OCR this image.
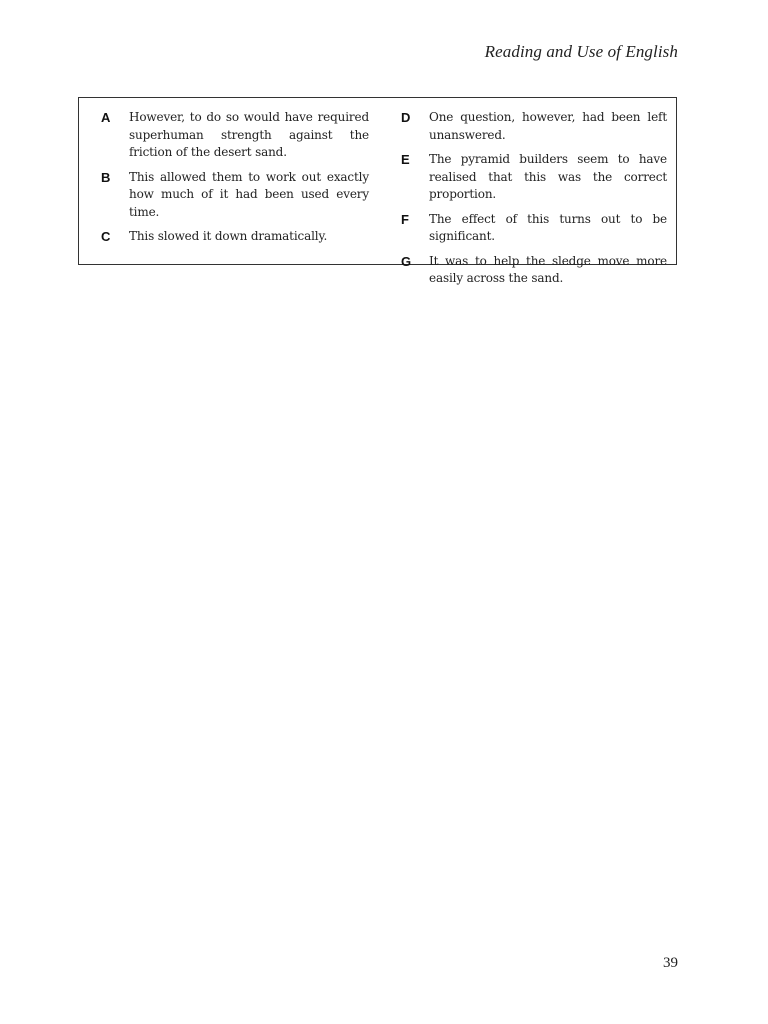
Reading and Use of English
A	However, to do so would have required superhuman strength against the friction of the desert sand.
B	This allowed them to work out exactly how much of it had been used every time.
C	This slowed it down dramatically.
D	One question, however, had been left unanswered.
E	The pyramid builders seem to have realised that this was the correct proportion.
F	The effect of this turns out to be significant.
G	It was to help the sledge move more easily across the sand.
39
